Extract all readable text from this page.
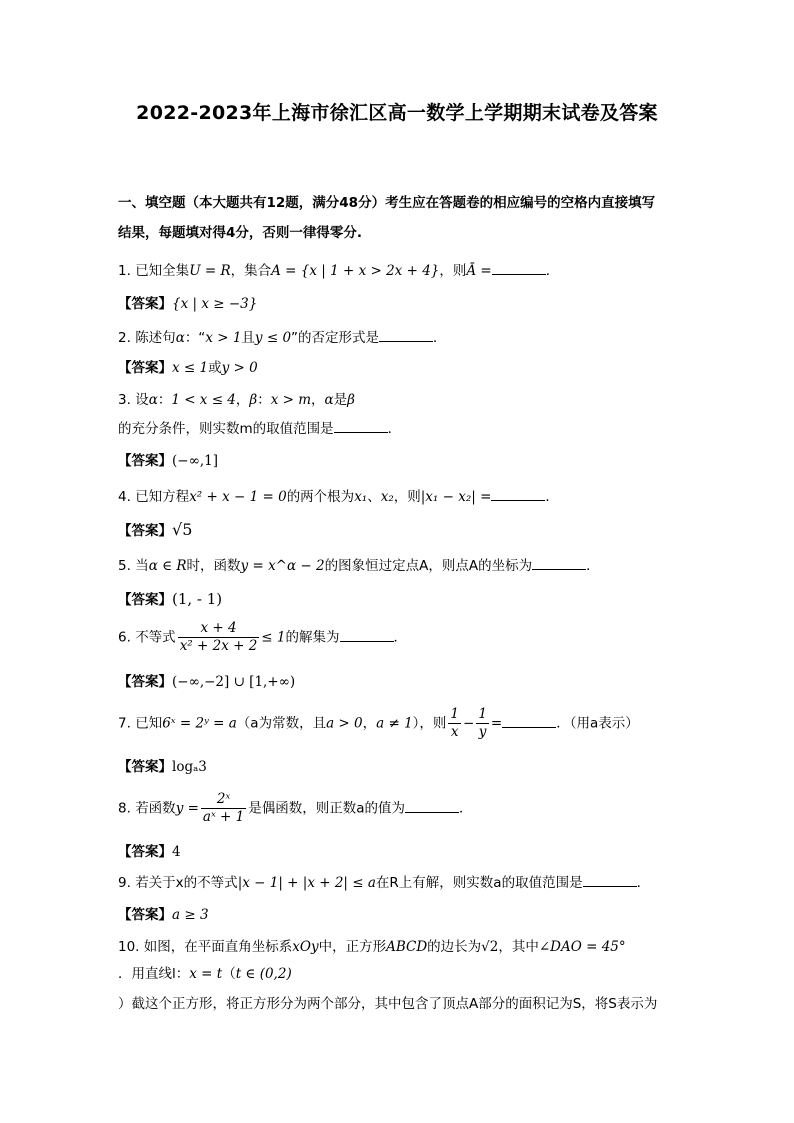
2022-2023年上海市徐汇区高一数学上学期期末试卷及答案
一、填空题（本大题共有12题，满分48分）考生应在答题卷的相应编号的空格内直接填写
结果，每题填对得4分，否则一律得零分.
1. 已知全集U = R，集合A = {x | 1 + x > 2x + 4}，则Ā =	．
【答案】{x | x ≥ −3}
2. 陈述句α：“x > 1且y ≤ 0”的否定形式是	．
【答案】x ≤ 1或y > 0
3. 设α：1 < x ≤ 4，β：x > m，α是β
的充分条件，则实数m的取值范围是	．
【答案】(−∞,1]
4. 已知方程x² + x − 1 = 0的两个根为x₁、x₂，则|x₁ − x₂| =	．
【答案】√5
5. 当α ∈ R时，函数y = x^α − 2的图象恒过定点A，则点A的坐标为	．
【答案】(1, - 1)
6. 不等式 $\frac{x + 4}{\text{x² + 2x + 2}} \le 1$的解集为	．
【答案】(−∞,−2] ∪ [1,+∞)
7. 已知6ˣ = 2ʸ = a（a为常数，且a > 0，a ≠ 1），则 $\frac{1}{x} - \frac{1}{y}$ =	．（用a表示）
【答案】logₐ3
8. 若函数$y = \frac{\text{2ˣ}}{\text{aˣ + 1}}$ 是偶函数，则正数a的值为	．
【答案】4
9. 若关于x的不等式|x − 1| + |x + 2| ≤ a在R上有解，则实数a的取值范围是	．
【答案】a ≥ 3
10. 如图，在平面直角坐标系xOy中，正方形ABCD的边长为√2，其中∠DAO = 45°
．用直线l：x = t（t ∈ (0,2)
）截这个正方形，将正方形分为两个部分，其中包含了顶点A部分的面积记为S，将S表示为
